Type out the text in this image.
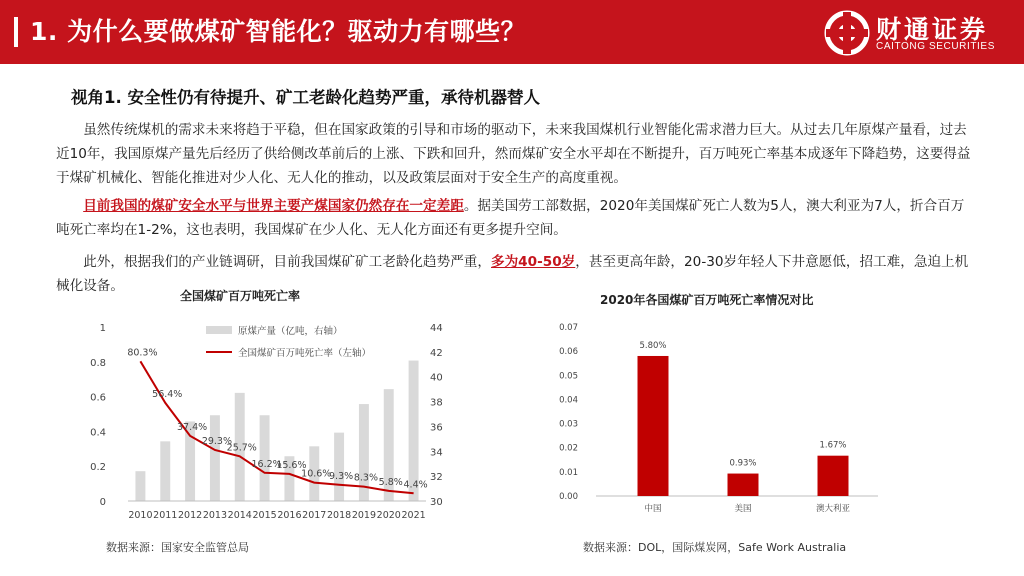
1. 为什么要做煤矿智能化？驱动力有哪些？	财通证券
CAITONG SECURITIES
视角1. 安全性仍有待提升、矿工老龄化趋势严重，承待机器替人
虽然传统煤机的需求未来将趋于平稳，但在国家政策的引导和市场的驱动下，未来我国煤机行业智能化需求潜力巨大。从过去几年原煤产量看，过去近10年，我国原煤产量先后经历了供给侧改革前后的上涨、下跌和回升，然而煤矿安全水平却在不断提升，百万吨死亡率基本成逐年下降趋势，这要得益于煤矿机械化、智能化推进对少人化、无人化的推动，以及政策层面对于安全生产的高度重视。
目前我国的煤矿安全水平与世界主要产煤国家仍然存在一定差距。据美国劳工部数据，2020年美国煤矿死亡人数为5人，澳大利亚为7人，折合百万吨死亡率均在1-2%，这也表明，我国煤矿在少人化、无人化方面还有更多提升空间。
此外，根据我们的产业链调研，目前我国煤矿矿工老龄化趋势严重，多为40-50岁，甚至更高年龄，20-30岁年轻人下井意愿低，招工难，急迫上机械化设备。
全国煤矿百万吨死亡率
0
0.2
0.4
0.6
0.8
1
30
32
34
36
38
40
42
44
80.3%
56.4%
37.4%
29.3%
25.7%
16.2%
15.6%
10.6%
9.3% 8.3% 5.8% 4.4%
2010 2011 2012 2013 2014 2015 2016 2017 2018 2019 2020 2021
原煤产量（亿吨，右轴）
全国煤矿百万吨死亡率（左轴）
数据来源：国家安全监管总局
2020年各国煤矿百万吨死亡率情况对比
0.00
0.01
0.02
0.03
0.04
0.05
0.06
0.07
5.80%
中国
0.93%
美国
1.67%
澳大利亚
数据来源：DOL，国际煤炭网，Safe Work Australia
